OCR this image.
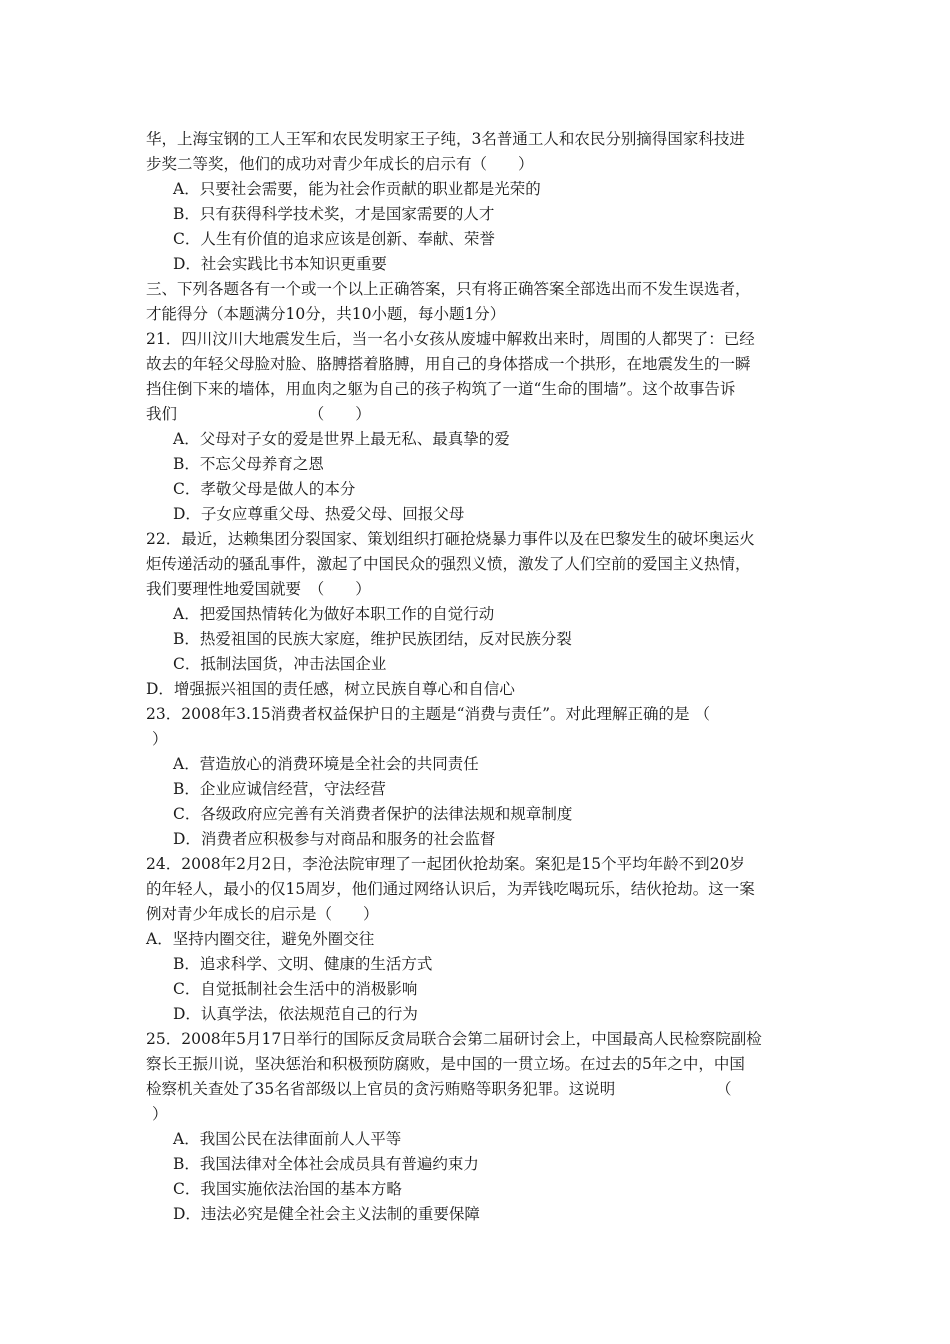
华，上海宝钢的工人王军和农民发明家王子纯，3名普通工人和农民分别摘得国家科技进
步奖二等奖，他们的成功对青少年成长的启示有（　　）
A．只要社会需要，能为社会作贡献的职业都是光荣的
B．只有获得科学技术奖，才是国家需要的人才
C．人生有价值的追求应该是创新、奉献、荣誉
D．社会实践比书本知识更重要
三、下列各题各有一个或一个以上正确答案，只有将正确答案全部选出而不发生误选者，
才能得分（本题满分10分，共10小题，每小题1分）
21．四川汶川大地震发生后，当一名小女孩从废墟中解救出来时，周围的人都哭了：已经
故去的年轻父母脸对脸、胳膊搭着胳膊，用自己的身体搭成一个拱形，在地震发生的一瞬
挡住倒下来的墙体，用血肉之躯为自己的孩子构筑了一道“生命的围墙”。这个故事告诉
我们　　　　　　　　　（　　）
A．父母对子女的爱是世界上最无私、最真挚的爱
B．不忘父母养育之恩
C．孝敬父母是做人的本分
D．子女应尊重父母、热爱父母、回报父母
22．最近，达赖集团分裂国家、策划组织打砸抢烧暴力事件以及在巴黎发生的破坏奥运火
炬传递活动的骚乱事件，激起了中国民众的强烈义愤，激发了人们空前的爱国主义热情，
我们要理性地爱国就要　（　　）
A．把爱国热情转化为做好本职工作的自觉行动
B．热爱祖国的民族大家庭，维护民族团结，反对民族分裂
C．抵制法国货，冲击法国企业
D．增强振兴祖国的责任感，树立民族自尊心和自信心
23．2008年3.15消费者权益保护日的主题是“消费与责任”。对此理解正确的是 （
）
A．营造放心的消费环境是全社会的共同责任
B．企业应诚信经营，守法经营
C．各级政府应完善有关消费者保护的法律法规和规章制度
D．消费者应积极参与对商品和服务的社会监督
24．2008年2月2日，李沧法院审理了一起团伙抢劫案。案犯是15个平均年龄不到20岁
的年轻人，最小的仅15周岁，他们通过网络认识后，为弄钱吃喝玩乐，结伙抢劫。这一案
例对青少年成长的启示是（　　）
A．坚持内圈交往，避免外圈交往
B．追求科学、文明、健康的生活方式
C．自觉抵制社会生活中的消极影响
D．认真学法，依法规范自己的行为
25．2008年5月17日举行的国际反贪局联合会第二届研讨会上，中国最高人民检察院副检
察长王振川说，坚决惩治和积极预防腐败，是中国的一贯立场。在过去的5年之中，中国
检察机关查处了35名省部级以上官员的贪污贿赂等职务犯罪。这说明　　　　　　　（
）
A．我国公民在法律面前人人平等
B．我国法律对全体社会成员具有普遍约束力
C．我国实施依法治国的基本方略
D．违法必究是健全社会主义法制的重要保障
